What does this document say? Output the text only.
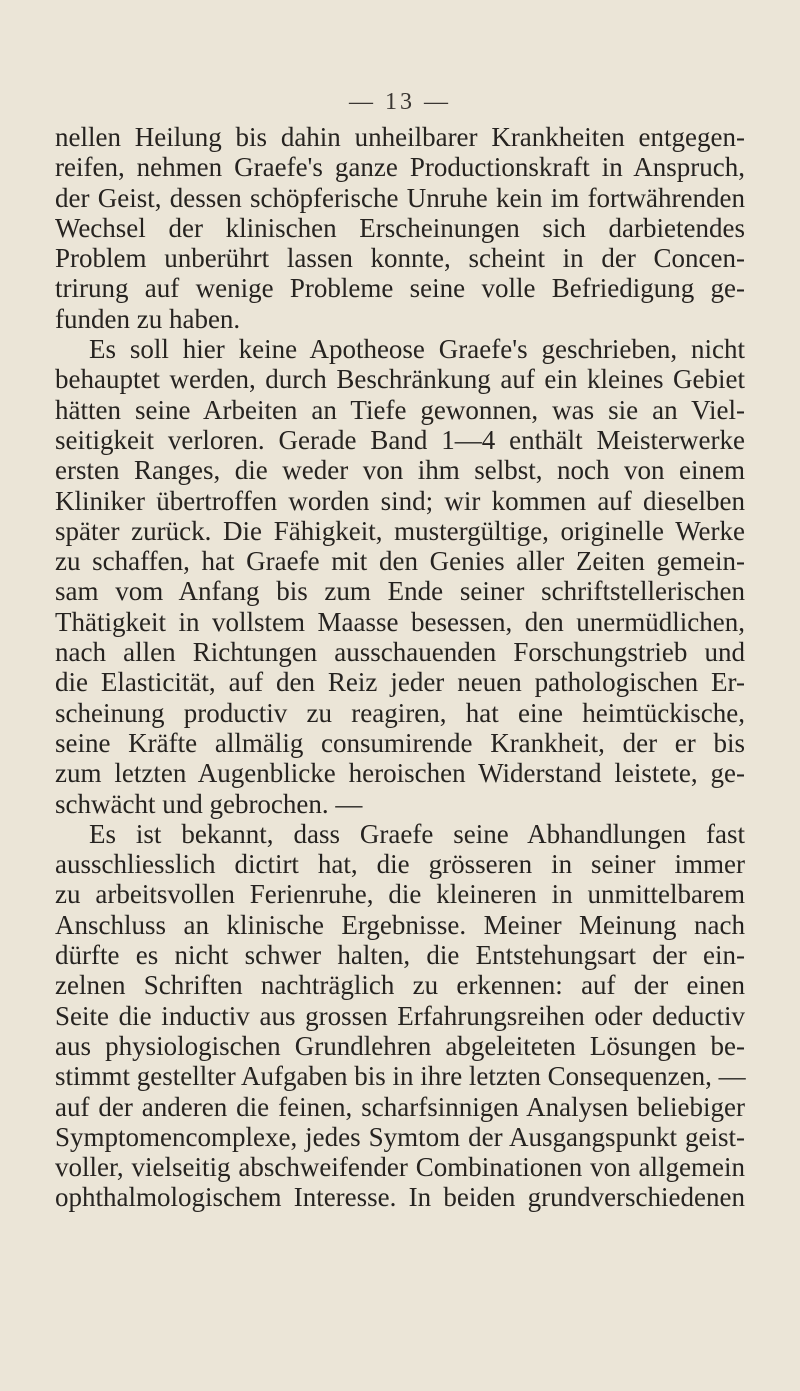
— 13 —
nellen Heilung bis dahin unheilbarer Krankheiten entgegen-
reifen, nehmen Graefe's ganze Productionskraft in Anspruch,
der Geist, dessen schöpferische Unruhe kein im fortwährenden
Wechsel der klinischen Erscheinungen sich darbietendes
Problem unberührt lassen konnte, scheint in der Concen-
trirung auf wenige Probleme seine volle Befriedigung ge-
funden zu haben.
Es soll hier keine Apotheose Graefe's geschrieben, nicht
behauptet werden, durch Beschränkung auf ein kleines Gebiet
hätten seine Arbeiten an Tiefe gewonnen, was sie an Viel-
seitigkeit verloren. Gerade Band 1—4 enthält Meisterwerke
ersten Ranges, die weder von ihm selbst, noch von einem
Kliniker übertroffen worden sind; wir kommen auf dieselben
später zurück. Die Fähigkeit, mustergültige, originelle Werke
zu schaffen, hat Graefe mit den Genies aller Zeiten gemein-
sam vom Anfang bis zum Ende seiner schriftstellerischen
Thätigkeit in vollstem Maasse besessen, den unermüdlichen,
nach allen Richtungen ausschauenden Forschungstrieb und
die Elasticität, auf den Reiz jeder neuen pathologischen Er-
scheinung productiv zu reagiren, hat eine heimtückische,
seine Kräfte allmälig consumirende Krankheit, der er bis
zum letzten Augenblicke heroischen Widerstand leistete, ge-
schwächt und gebrochen. —
Es ist bekannt, dass Graefe seine Abhandlungen fast
ausschliesslich dictirt hat, die grösseren in seiner immer
zu arbeitsvollen Ferienruhe, die kleineren in unmittelbarem
Anschluss an klinische Ergebnisse. Meiner Meinung nach
dürfte es nicht schwer halten, die Entstehungsart der ein-
zelnen Schriften nachträglich zu erkennen: auf der einen
Seite die inductiv aus grossen Erfahrungsreihen oder deductiv
aus physiologischen Grundlehren abgeleiteten Lösungen be-
stimmt gestellter Aufgaben bis in ihre letzten Consequenzen, —
auf der anderen die feinen, scharfsinnigen Analysen beliebiger
Symptomencomplexe, jedes Symtom der Ausgangspunkt geist-
voller, vielseitig abschweifender Combinationen von allgemein
ophthalmologischem Interesse. In beiden grundverschiedenen
